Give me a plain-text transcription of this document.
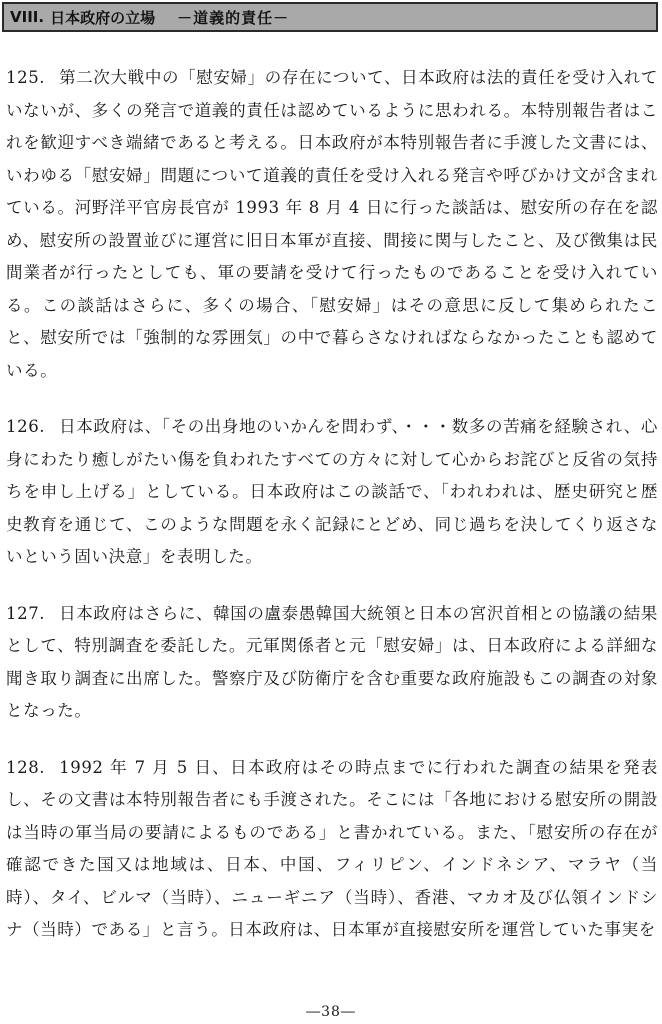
VIII. 日本政府の立場 －道義的責任－

125. 第二次大戦中の「慰安婦」の存在について、日本政府は法的責任を受け入れていないが、多くの発言で道義的責任は認めているように思われる。本特別報告者はこれを歓迎すべき端緒であると考える。日本政府が本特別報告者に手渡した文書には、いわゆる「慰安婦」問題について道義的責任を受け入れる発言や呼びかけ文が含まれている。河野洋平官房長官が 1993 年 8 月 4 日に行った談話は、慰安所の存在を認め、慰安所の設置並びに運営に旧日本軍が直接、間接に関与したこと、及び徴集は民間業者が行ったとしても、軍の要請を受けて行ったものであることを受け入れている。この談話はさらに、多くの場合、「慰安婦」はその意思に反して集められたこと、慰安所では「強制的な雰囲気」の中で暮らさなければならなかったことも認めている。

126. 日本政府は、「その出身地のいかんを問わず、・・・数多の苦痛を経験され、心身にわたり癒しがたい傷を負われたすべての方々に対して心からお詫びと反省の気持ちを申し上げる」としている。日本政府はこの談話で、「われわれは、歴史研究と歴史教育を通じて、このような問題を永く記録にとどめ、同じ過ちを決してくり返さないという固い決意」を表明した。

127. 日本政府はさらに、韓国の盧泰愚韓国大統領と日本の宮沢首相との協議の結果として、特別調査を委託した。元軍関係者と元「慰安婦」は、日本政府による詳細な聞き取り調査に出席した。警察庁及び防衛庁を含む重要な政府施設もこの調査の対象となった。

128. 1992 年 7 月 5 日、日本政府はその時点までに行われた調査の結果を発表し、その文書は本特別報告者にも手渡された。そこには「各地における慰安所の開設は当時の軍当局の要請によるものである」と書かれている。また、「慰安所の存在が確認できた国又は地域は、日本、中国、フィリピン、インドネシア、マラヤ（当時）、タイ、ビルマ（当時）、ニューギニア（当時）、香港、マカオ及び仏領インドシナ（当時）である」と言う。日本政府は、日本軍が直接慰安所を運営していた事実を

―38―
